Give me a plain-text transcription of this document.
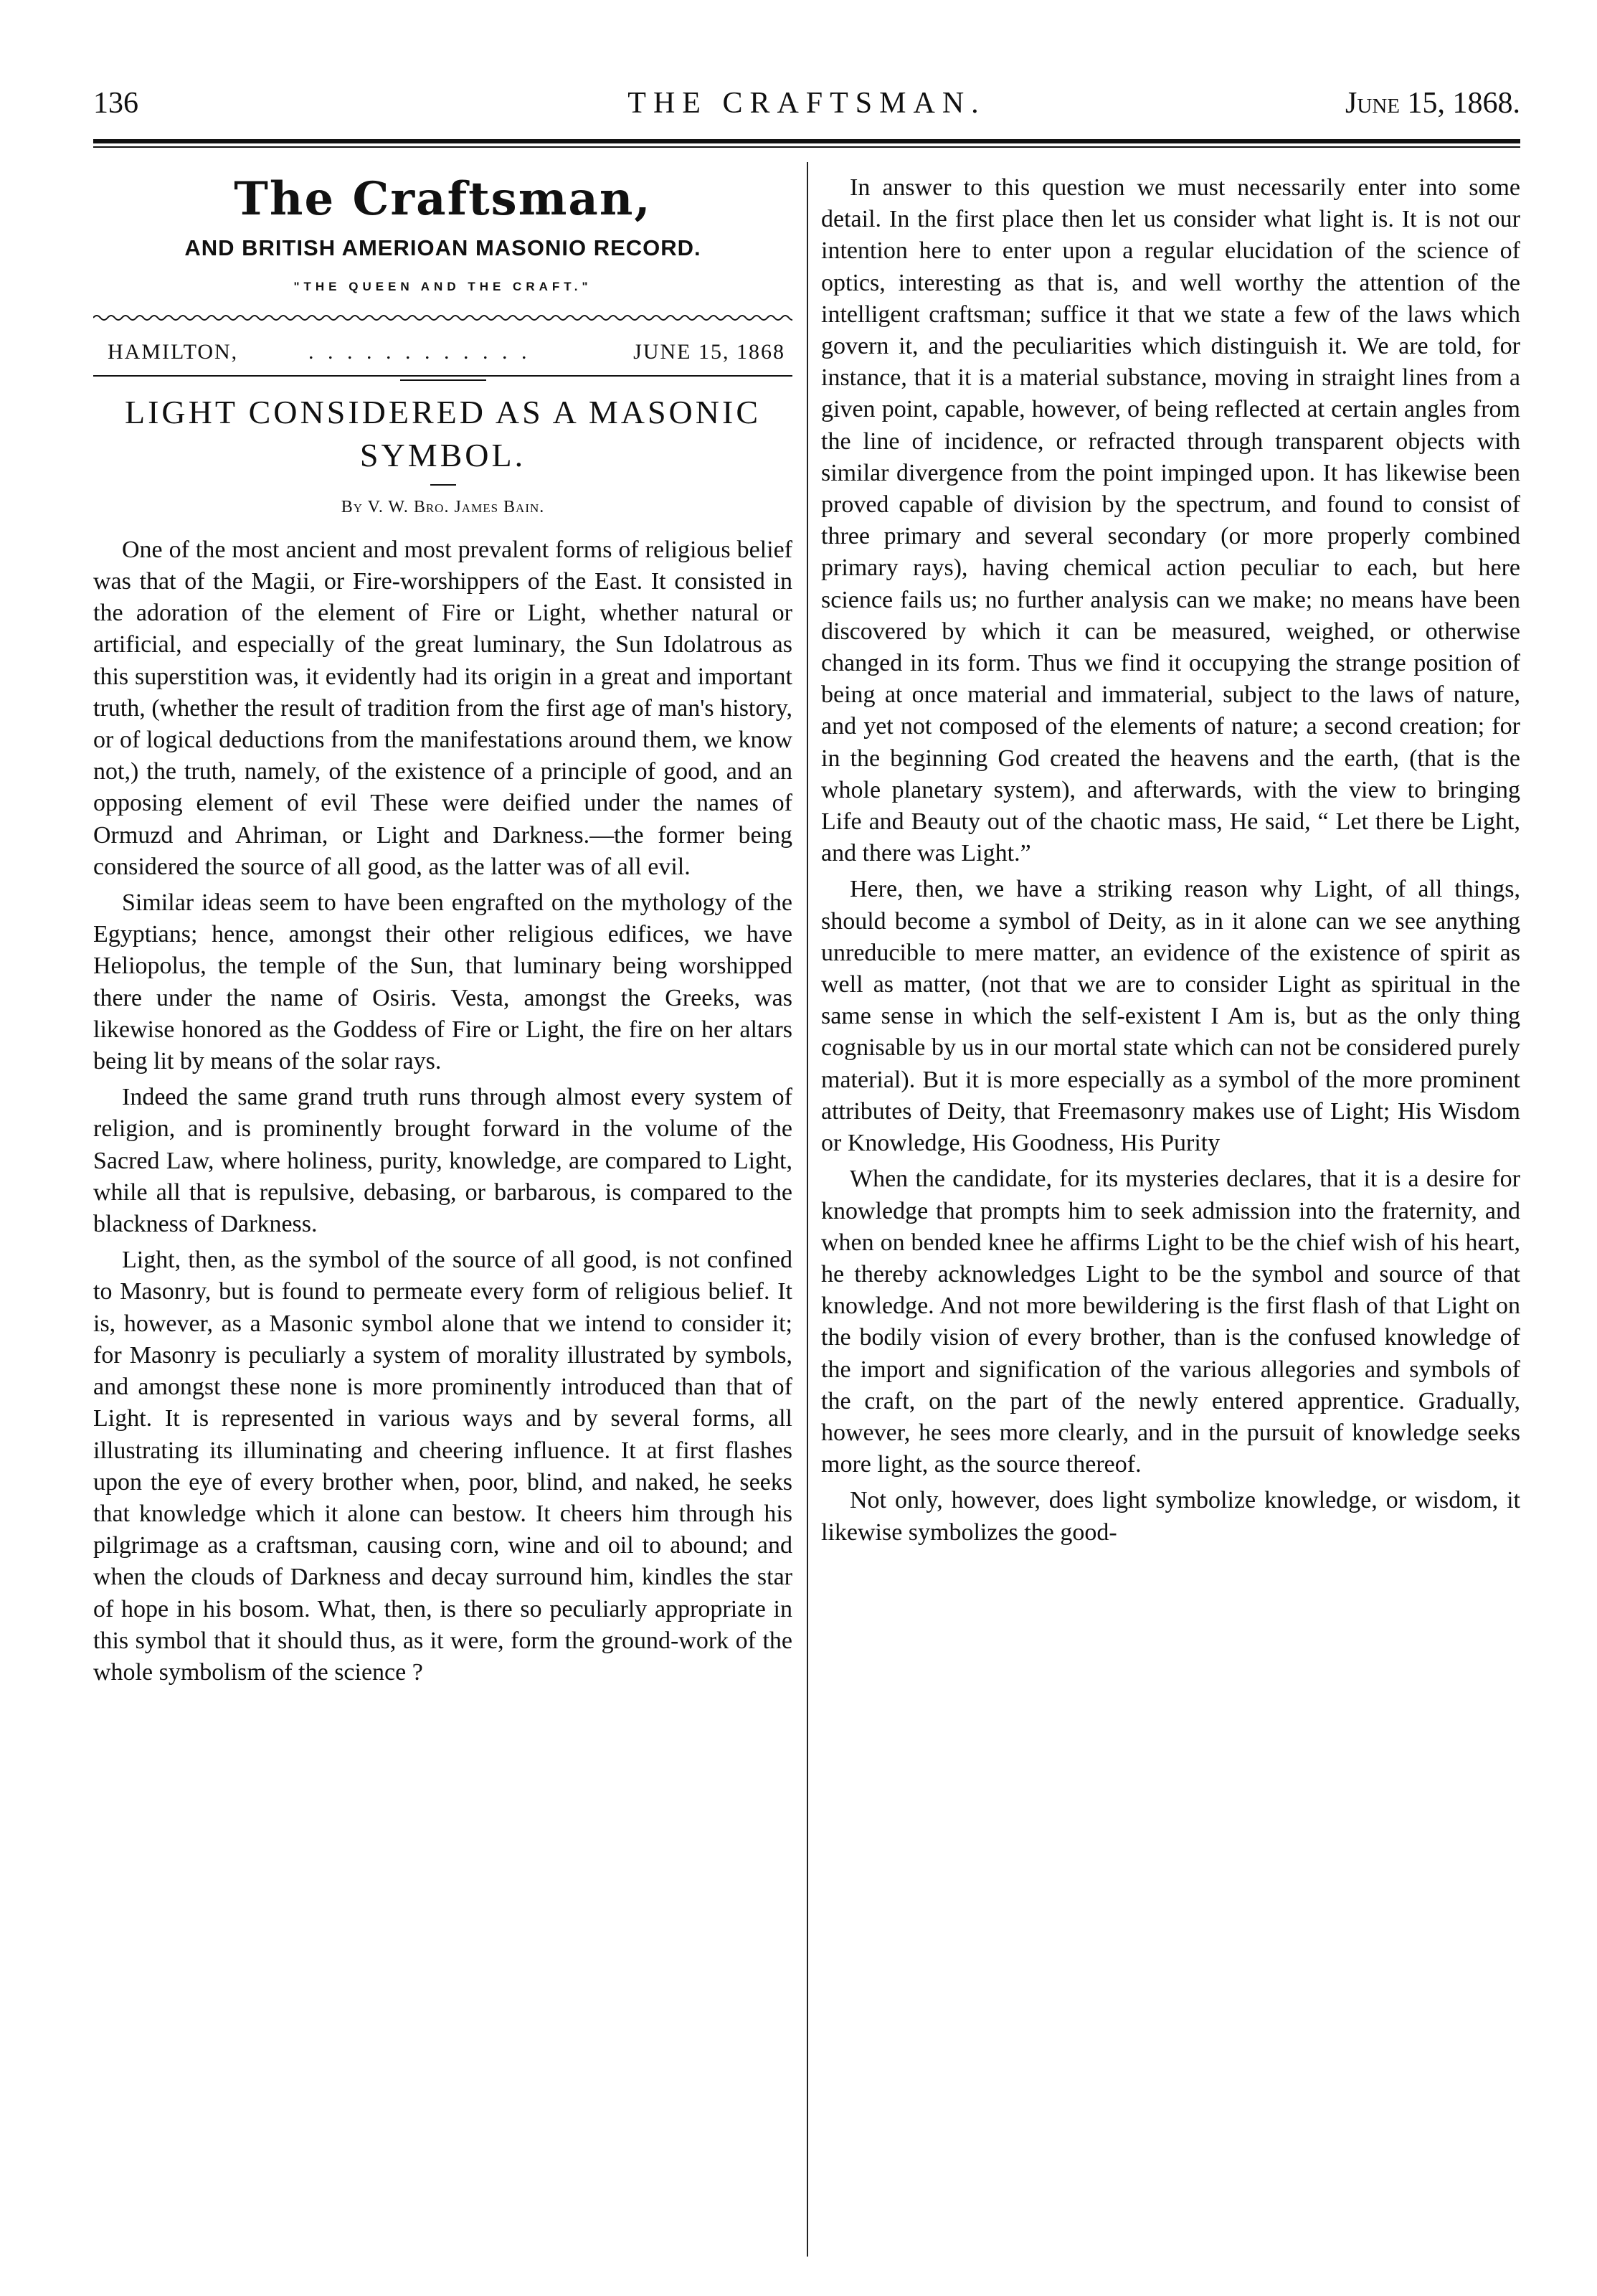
136	THE CRAFTSMAN.	June 15, 1868.
The Craftsman,
AND BRITISH AMERIOAN MASONIO RECORD.
"THE QUEEN AND THE CRAFT."
HAMILTON,	. . . . . . . . . . . .	JUNE 15, 1868
LIGHT CONSIDERED AS A MASONIC SYMBOL.
By V. W. Bro. James Bain.

One of the most ancient and most prevalent forms of religious belief was that of the Magii, or Fire-worshippers of the East. It consisted in the adoration of the element of Fire or Light, whether natural or artificial, and especially of the great luminary, the Sun Idolatrous as this superstition was, it evidently had its origin in a great and important truth, (whether the result of tradition from the first age of man's history, or of logical deductions from the manifestations around them, we know not,) the truth, namely, of the existence of a principle of good, and an opposing element of evil These were deified under the names of Ormuzd and Ahriman, or Light and Darkness.—the former being considered the source of all good, as the latter was of all evil.

Similar ideas seem to have been engrafted on the mythology of the Egyptians; hence, amongst their other religious edifices, we have Heliopolus, the temple of the Sun, that luminary being worshipped there under the name of Osiris. Vesta, amongst the Greeks, was likewise honored as the Goddess of Fire or Light, the fire on her altars being lit by means of the solar rays.

Indeed the same grand truth runs through almost every system of religion, and is prominently brought forward in the volume of the Sacred Law, where holiness, purity, knowledge, are compared to Light, while all that is repulsive, debasing, or barbarous, is compared to the blackness of Darkness.

Light, then, as the symbol of the source of all good, is not confined to Masonry, but is found to permeate every form of religious belief. It is, however, as a Masonic symbol alone that we intend to consider it; for Masonry is peculiarly a system of morality illustrated by symbols, and amongst these none is more prominently introduced than that of Light. It is represented in various ways and by several forms, all illustrating its illuminating and cheering influence. It at first flashes upon the eye of every brother when, poor, blind, and naked, he seeks that knowledge which it alone can bestow. It cheers him through his pilgrimage as a craftsman, causing corn, wine and oil to abound; and when the clouds of Darkness and decay surround him, kindles the star of hope in his bosom. What, then, is there so peculiarly appropriate in this symbol that it should thus, as it were, form the ground-work of the whole symbolism of the science ?

In answer to this question we must necessarily enter into some detail. In the first place then let us consider what light is. It is not our intention here to enter upon a regular elucidation of the science of optics, interesting as that is, and well worthy the attention of the intelligent craftsman; suffice it that we state a few of the laws which govern it, and the peculiarities which distinguish it. We are told, for instance, that it is a material substance, moving in straight lines from a given point, capable, however, of being reflected at certain angles from the line of incidence, or refracted through transparent objects with similar divergence from the point impinged upon. It has likewise been proved capable of division by the spectrum, and found to consist of three primary and several secondary (or more properly combined primary rays), having chemical action peculiar to each, but here science fails us; no further analysis can we make; no means have been discovered by which it can be measured, weighed, or otherwise changed in its form. Thus we find it occupying the strange position of being at once material and immaterial, subject to the laws of nature, and yet not composed of the elements of nature; a second creation; for in the beginning God created the heavens and the earth, (that is the whole planetary system), and afterwards, with the view to bringing Life and Beauty out of the chaotic mass, He said, “ Let there be Light, and there was Light.”

Here, then, we have a striking reason why Light, of all things, should become a symbol of Deity, as in it alone can we see anything unreducible to mere matter, an evidence of the existence of spirit as well as matter, (not that we are to consider Light as spiritual in the same sense in which the self-existent I Am is, but as the only thing cognisable by us in our mortal state which can not be considered purely material). But it is more especially as a symbol of the more prominent attributes of Deity, that Freemasonry makes use of Light; His Wisdom or Knowledge, His Goodness, His Purity

When the candidate, for its mysteries declares, that it is a desire for knowledge that prompts him to seek admission into the fraternity, and when on bended knee he affirms Light to be the chief wish of his heart, he thereby acknowledges Light to be the symbol and source of that knowledge. And not more bewildering is the first flash of that Light on the bodily vision of every brother, than is the confused knowledge of the import and signification of the various allegories and symbols of the craft, on the part of the newly entered apprentice. Gradually, however, he sees more clearly, and in the pursuit of knowledge seeks more light, as the source thereof.

Not only, however, does light symbolize knowledge, or wisdom, it likewise symbolizes the good-
